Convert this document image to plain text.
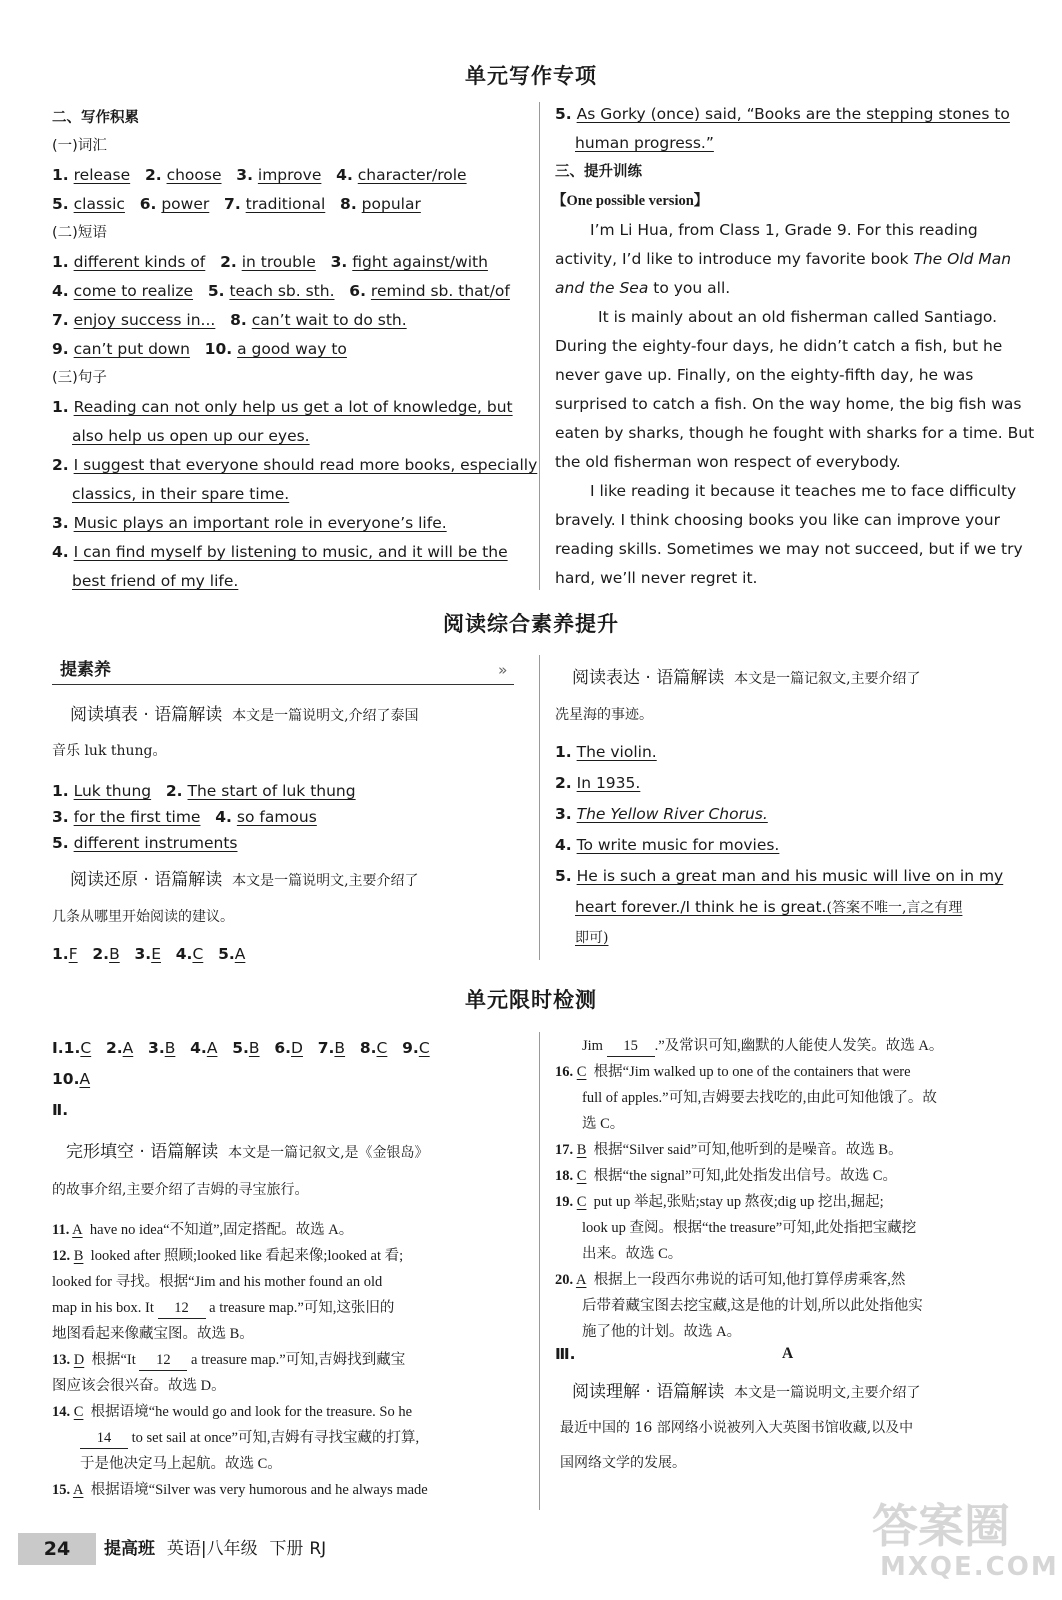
单元写作专项
二、写作积累
(一)词汇
1. release 2. choose 3. improve 4. character/role
5. classic 6. power 7. traditional 8. popular
(二)短语
1. different kinds of 2. in trouble 3. fight against/with
4. come to realize 5. teach sb. sth. 6. remind sb. that/of
7. enjoy success in... 8. can’t wait to do sth.
9. can’t put down 10. a good way to
(三)句子
1. Reading can not only help us get a lot of knowledge, but
also help us open up our eyes.
2. I suggest that everyone should read more books, especially
classics, in their spare time.
3. Music plays an important role in everyone’s life.
4. I can find myself by listening to music, and it will be the
best friend of my life.
5. As Gorky (once) said, “Books are the stepping stones to
human progress.”
三、提升训练
【One possible version】
I’m Li Hua, from Class 1, Grade 9. For this reading
activity, I’d like to introduce my favorite book The Old Man
and the Sea to you all.
It is mainly about an old fisherman called Santiago.
During the eighty-four days, he didn’t catch a fish, but he
never gave up. Finally, on the eighty-fifth day, he was
surprised to catch a fish. On the way home, the big fish was
eaten by sharks, though he fought with sharks for a time. But
the old fisherman won respect of everybody.
I like reading it because it teaches me to face difficulty
bravely. I think choosing books you like can improve your
reading skills. Sometimes we may not succeed, but if we try
hard, we’ll never regret it.
阅读综合素养提升
提素养	»
阅读填表 · 语篇解读 本文是一篇说明文,介绍了泰国
音乐 luk thung。
1. Luk thung 2. The start of luk thung
3. for the first time 4. so famous
5. different instruments
阅读还原 · 语篇解读 本文是一篇说明文,主要介绍了
几条从哪里开始阅读的建议。
1.F 2.B 3.E 4.C 5.A
阅读表达 · 语篇解读 本文是一篇记叙文,主要介绍了
冼星海的事迹。
1. The violin.
2. In 1935.
3. The Yellow River Chorus.
4. To write music for movies.
5. He is such a great man and his music will live on in my
heart forever./I think he is great.(答案不唯一,言之有理
即可)
单元限时检测
Ⅰ.1.C 2.A 3.B 4.A 5.B 6.D 7.B 8.C 9.C
10.A
Ⅱ.
完形填空 · 语篇解读 本文是一篇记叙文,是《金银岛》
的故事介绍,主要介绍了吉姆的寻宝旅行。
11. A have no idea“不知道”,固定搭配。故选 A。
12. B looked after 照顾;looked like 看起来像;looked at 看;
looked for 寻找。根据“Jim and his mother found an old
map in his box. It 12 a treasure map.”可知,这张旧的
地图看起来像藏宝图。故选 B。
13. D 根据“It 12 a treasure map.”可知,吉姆找到藏宝
图应该会很兴奋。故选 D。
14. C 根据语境“he would go and look for the treasure. So he
14 to set sail at once”可知,吉姆有寻找宝藏的打算,
于是他决定马上起航。故选 C。
15. A 根据语境“Silver was very humorous and he always made
Jim 15 .”及常识可知,幽默的人能使人发笑。故选 A。
16. C 根据“Jim walked up to one of the containers that were
full of apples.”可知,吉姆要去找吃的,由此可知他饿了。故
选 C。
17. B 根据“Silver said”可知,他听到的是噪音。故选 B。
18. C 根据“the signal”可知,此处指发出信号。故选 C。
19. C put up 举起,张贴;stay up 熬夜;dig up 挖出,掘起;
look up 查阅。根据“the treasure”可知,此处指把宝藏挖
出来。故选 C。
20. A 根据上一段西尔弗说的话可知,他打算俘虏乘客,然
后带着藏宝图去挖宝藏,这是他的计划,所以此处指他实
施了他的计划。故选 A。
Ⅲ.	A
阅读理解 · 语篇解读 本文是一篇说明文,主要介绍了
最近中国的 16 部网络小说被列入大英图书馆收藏,以及中
国网络文学的发展。
答案圈
MXQE.COM
24	提高班 英语|八年级 下册 RJ
